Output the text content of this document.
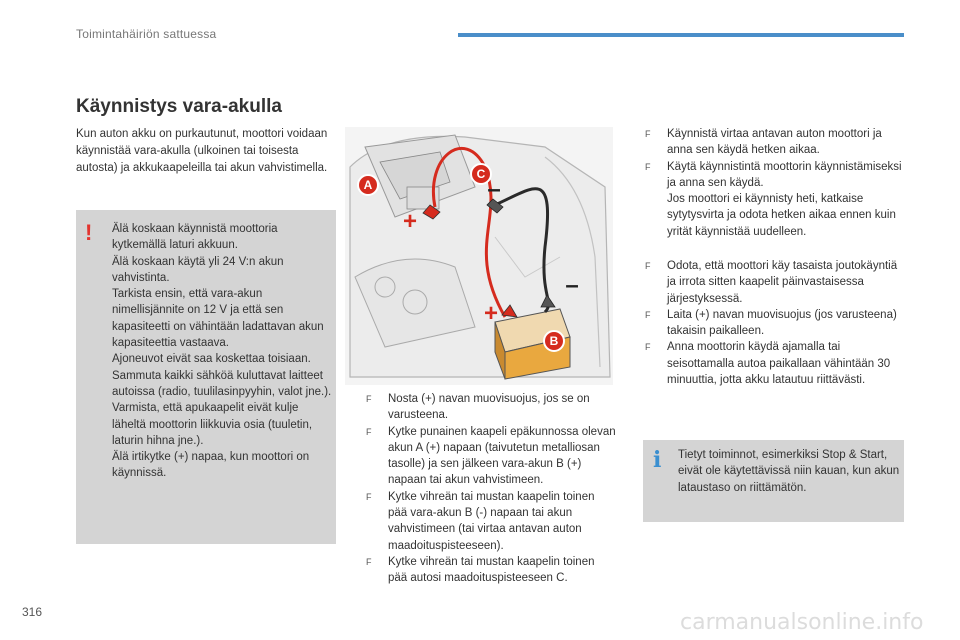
Toimintahäiriön sattuessa
Käynnistys vara-akulla
Kun auton akku on purkautunut, moottori voidaan käynnistää vara-akulla (ulkoinen tai toisesta autosta) ja akkukaapeleilla tai akun vahvistimella.
! Älä koskaan käynnistä moottoria kytkemällä laturi akkuun.
Älä koskaan käytä yli 24 V:n akun vahvistinta.
Tarkista ensin, että vara-akun nimellisjännite on 12 V ja että sen kapasiteetti on vähintään ladattavan akun kapasiteettia vastaava.
Ajoneuvot eivät saa koskettaa toisiaan.
Sammuta kaikki sähköä kuluttavat laitteet autoissa (radio, tuulilasinpyyhin, valot jne.).
Varmista, että apukaapelit eivät kulje läheltä moottorin liikkuvia osia (tuuletin, laturin hihna jne.).
Älä irtikytke (+) napaa, kun moottori on käynnissä.
A
C
B
+
–
+
–
F Nosta (+) navan muovisuojus, jos se on varusteena.
F Kytke punainen kaapeli epäkunnossa olevan akun A (+) napaan (taivutetun metalliosan tasolle) ja sen jälkeen vara-akun B (+) napaan tai akun vahvistimeen.
F Kytke vihreän tai mustan kaapelin toinen pää vara-akun B (-) napaan tai akun vahvistimeen (tai virtaa antavan auton maadoituspisteeseen).
F Kytke vihreän tai mustan kaapelin toinen pää autosi maadoituspisteeseen C.
F Käynnistä virtaa antavan auton moottori ja anna sen käydä hetken aikaa.
F Käytä käynnistintä moottorin käynnistämiseksi ja anna sen käydä.
Jos moottori ei käynnisty heti, katkaise sytytysvirta ja odota hetken aikaa ennen kuin yrität käynnistää uudelleen.
F Odota, että moottori käy tasaista joutokäyntiä ja irrota sitten kaapelit päinvastaisessa järjestyksessä.
F Laita (+) navan muovisuojus (jos varusteena) takaisin paikalleen.
F Anna moottorin käydä ajamalla tai seisottamalla autoa paikallaan vähintään 30 minuuttia, jotta akku latautuu riittävästi.
i Tietyt toiminnot, esimerkiksi Stop & Start, eivät ole käytettävissä niin kauan, kun akun lataustaso on riittämätön.
316	carmanualsonline.info
